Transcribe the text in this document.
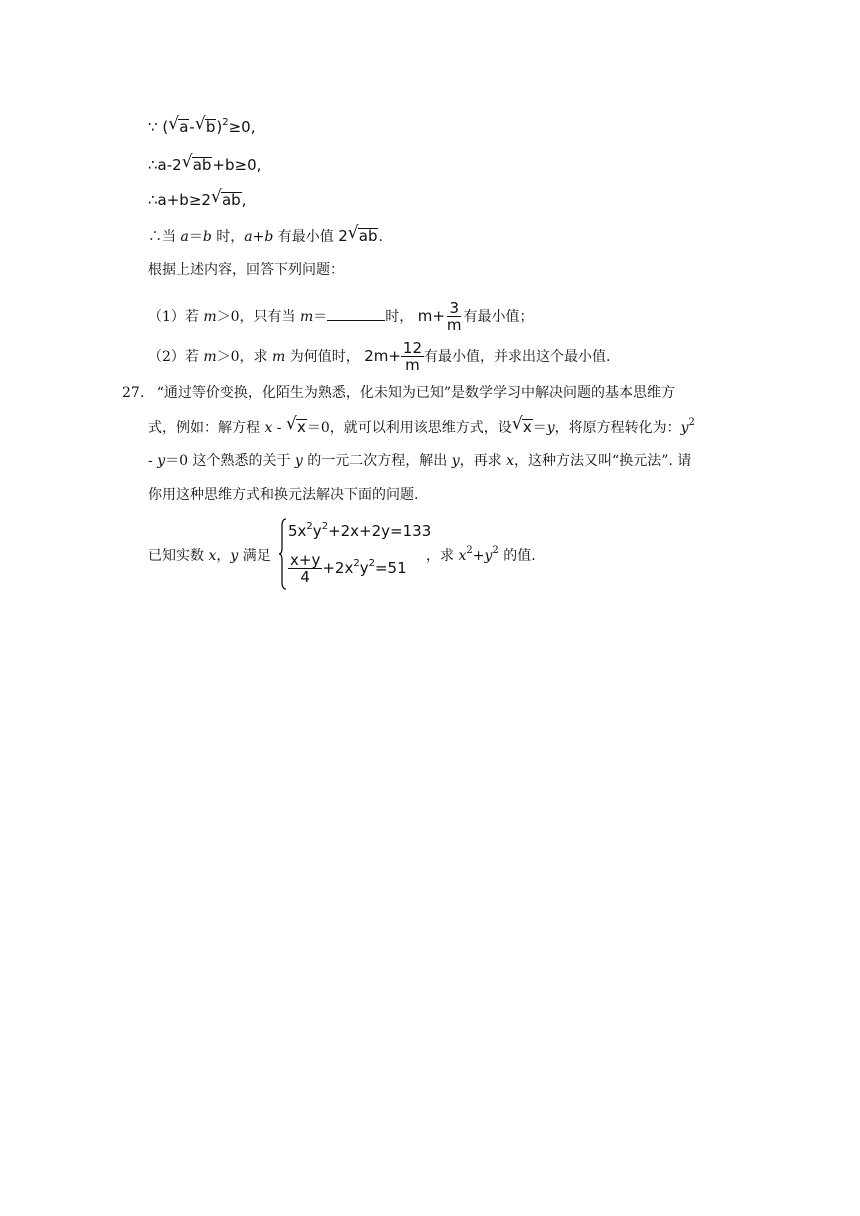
∵ ( √ a- √ b)$^2$≥0,
∴a-2 √ ab+b≥0,
∴a+b≥2 √ ab,
∴当 a＝b 时，a+b 有最小值 2 √ ab.
根据上述内容，回答下列问题：
（1）若 m＞0，只有当 m＝	时， $m+ \frac{3}{m}$ 有最小值；
（2）若 m＞0，求 m 为何值时， $2m+ \frac{12}{m}$ 有最小值，并求出这个最小值.
27. “通过等价变换，化陌生为熟悉，化未知为已知”是数学学习中解决问题的基本思维方
式，例如：解方程 x - √ x＝0，就可以利用该思维方式，设 √ x＝y，将原方程转化为：$y^2$
- y＝0 这个熟悉的关于 y 的一元二次方程，解出 y，再求 x，这种方法又叫“换元法”. 请
你用这种思维方式和换元法解决下面的问题.
已知实数 x，y 满足
$5x^2y^2+2x+2y=133$
$\frac{x+y}{4} +2x^2y^2=51$
，求 $x^2+y^2$ 的值.
